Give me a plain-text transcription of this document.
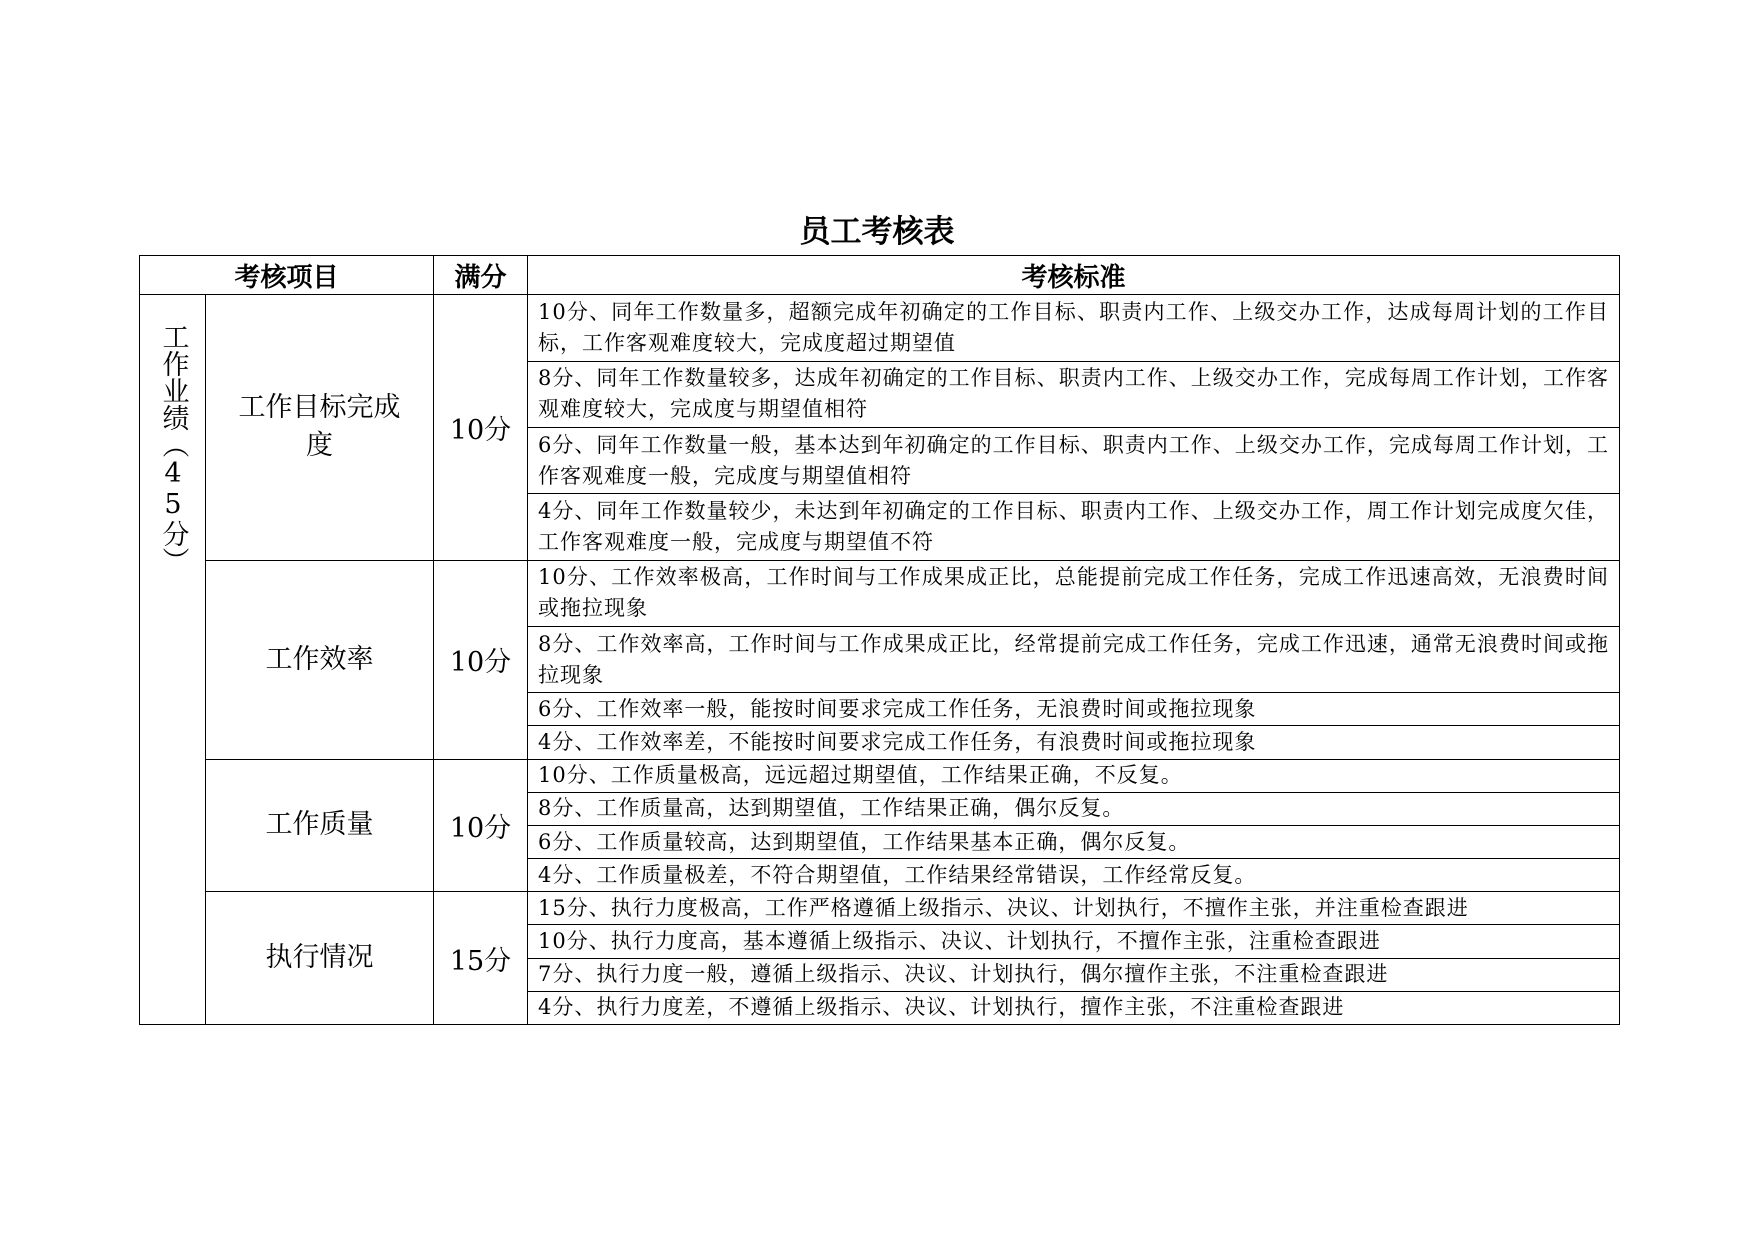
员工考核表
考核项目		满分	考核标准
工作业绩（45分）	工作目标完成度	10分	10分、同年工作数量多，超额完成年初确定的工作目标、职责内工作、上级交办工作，达成每周计划的工作目标，工作客观难度较大，完成度超过期望值
			8分、同年工作数量较多，达成年初确定的工作目标、职责内工作、上级交办工作，完成每周工作计划，工作客观难度较大，完成度与期望值相符
			6分、同年工作数量一般，基本达到年初确定的工作目标、职责内工作、上级交办工作，完成每周工作计划，工作客观难度一般，完成度与期望值相符
			4分、同年工作数量较少，未达到年初确定的工作目标、职责内工作、上级交办工作，周工作计划完成度欠佳，工作客观难度一般，完成度与期望值不符
	工作效率	10分	10分、工作效率极高，工作时间与工作成果成正比，总能提前完成工作任务，完成工作迅速高效，无浪费时间或拖拉现象
			8分、工作效率高，工作时间与工作成果成正比，经常提前完成工作任务，完成工作迅速，通常无浪费时间或拖拉现象
			6分、工作效率一般，能按时间要求完成工作任务，无浪费时间或拖拉现象
			4分、工作效率差，不能按时间要求完成工作任务，有浪费时间或拖拉现象
	工作质量	10分	10分、工作质量极高，远远超过期望值，工作结果正确，不反复。
			8分、工作质量高，达到期望值，工作结果正确，偶尔反复。
			6分、工作质量较高，达到期望值，工作结果基本正确，偶尔反复。
			4分、工作质量极差，不符合期望值，工作结果经常错误，工作经常反复。
	执行情况	15分	15分、执行力度极高，工作严格遵循上级指示、决议、计划执行，不擅作主张，并注重检查跟进
			10分、执行力度高，基本遵循上级指示、决议、计划执行，不擅作主张，注重检查跟进
			7分、执行力度一般，遵循上级指示、决议、计划执行，偶尔擅作主张，不注重检查跟进
			4分、执行力度差，不遵循上级指示、决议、计划执行，擅作主张，不注重检查跟进
